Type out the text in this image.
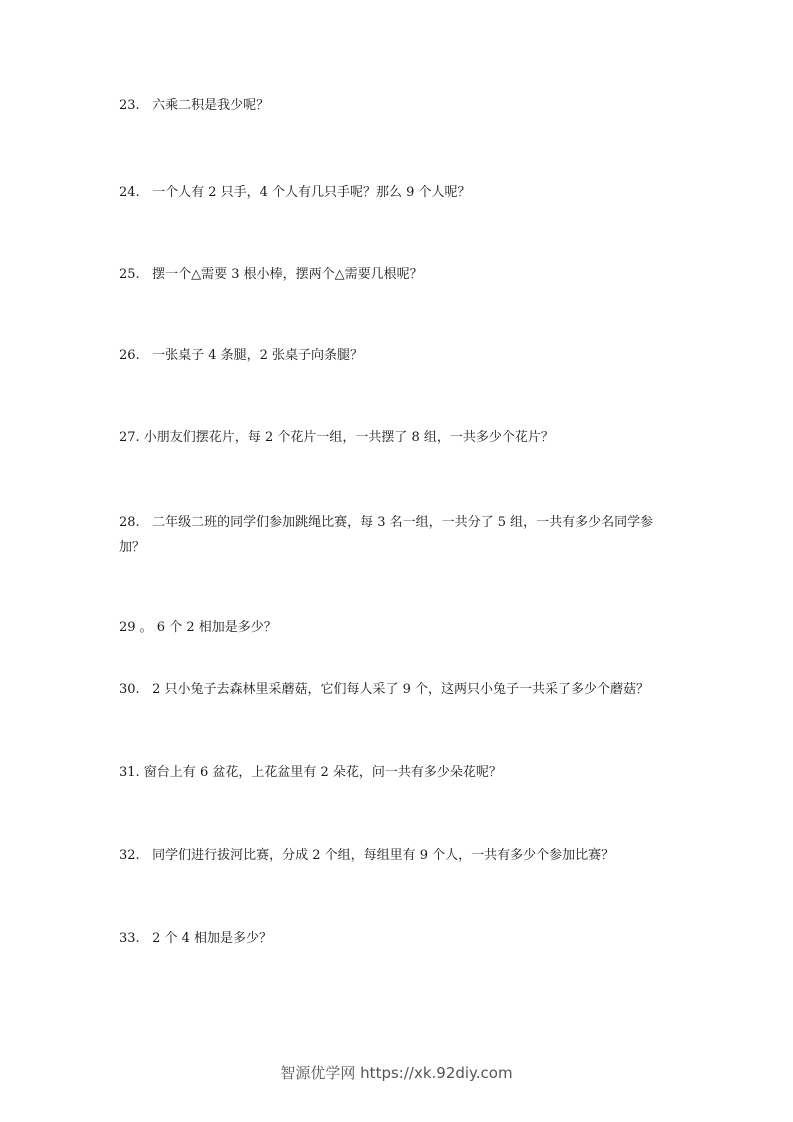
23.   六乘二积是我少呢？

24.   一个人有 2 只手，4 个人有几只手呢？那么 9 个人呢？

25.   摆一个△需要 3 根小棒，摆两个△需要几根呢？

26.   一张桌子 4 条腿，2 张桌子向条腿？

27. 小朋友们摆花片，每 2 个花片一组，一共摆了 8 组，一共多少个花片？

28.   二年级二班的同学们参加跳绳比赛，每 3 名一组，一共分了 5 组，一共有多少名同学参加？

29 。 6 个 2 相加是多少？

30.   2 只小兔子去森林里采蘑菇，它们每人采了 9 个，这两只小兔子一共采了多少个蘑菇？

31. 窗台上有 6 盆花，上花盆里有 2 朵花，问一共有多少朵花呢？

32.   同学们进行拔河比赛，分成 2 个组，每组里有 9 个人，一共有多少个参加比赛？

33.   2 个 4 相加是多少？

智源优学网 https://xk.92diy.com
